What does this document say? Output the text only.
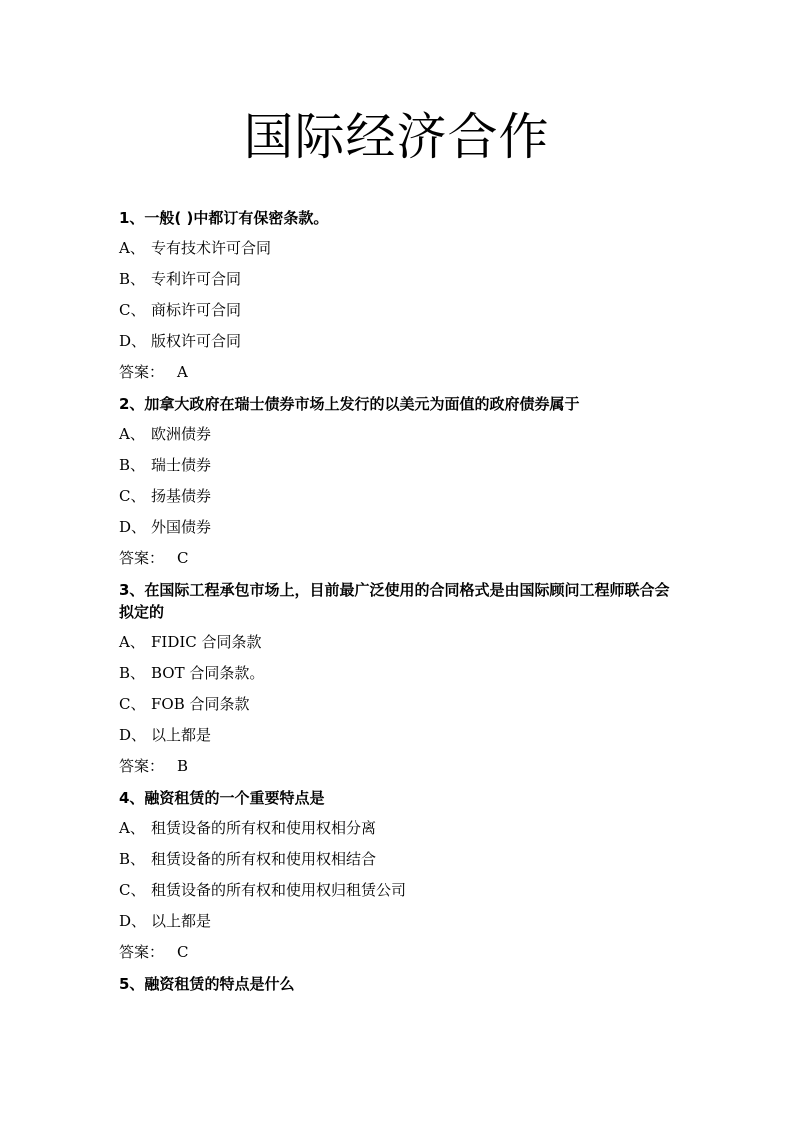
国际经济合作
1、一般( )中都订有保密条款。
A、 专有技术许可合同
B、 专利许可合同
C、 商标许可合同
D、 版权许可合同
答案： A
2、加拿大政府在瑞士债券市场上发行的以美元为面值的政府债券属于
A、 欧洲债券
B、 瑞士债券
C、 扬基债券
D、 外国债券
答案： C
3、在国际工程承包市场上，目前最广泛使用的合同格式是由国际顾问工程师联合会拟定的
A、 FIDIC 合同条款
B、 BOT 合同条款。
C、 FOB 合同条款
D、 以上都是
答案： B
4、融资租赁的一个重要特点是
A、 租赁设备的所有权和使用权相分离
B、 租赁设备的所有权和使用权相结合
C、 租赁设备的所有权和使用权归租赁公司
D、 以上都是
答案： C
5、融资租赁的特点是什么
